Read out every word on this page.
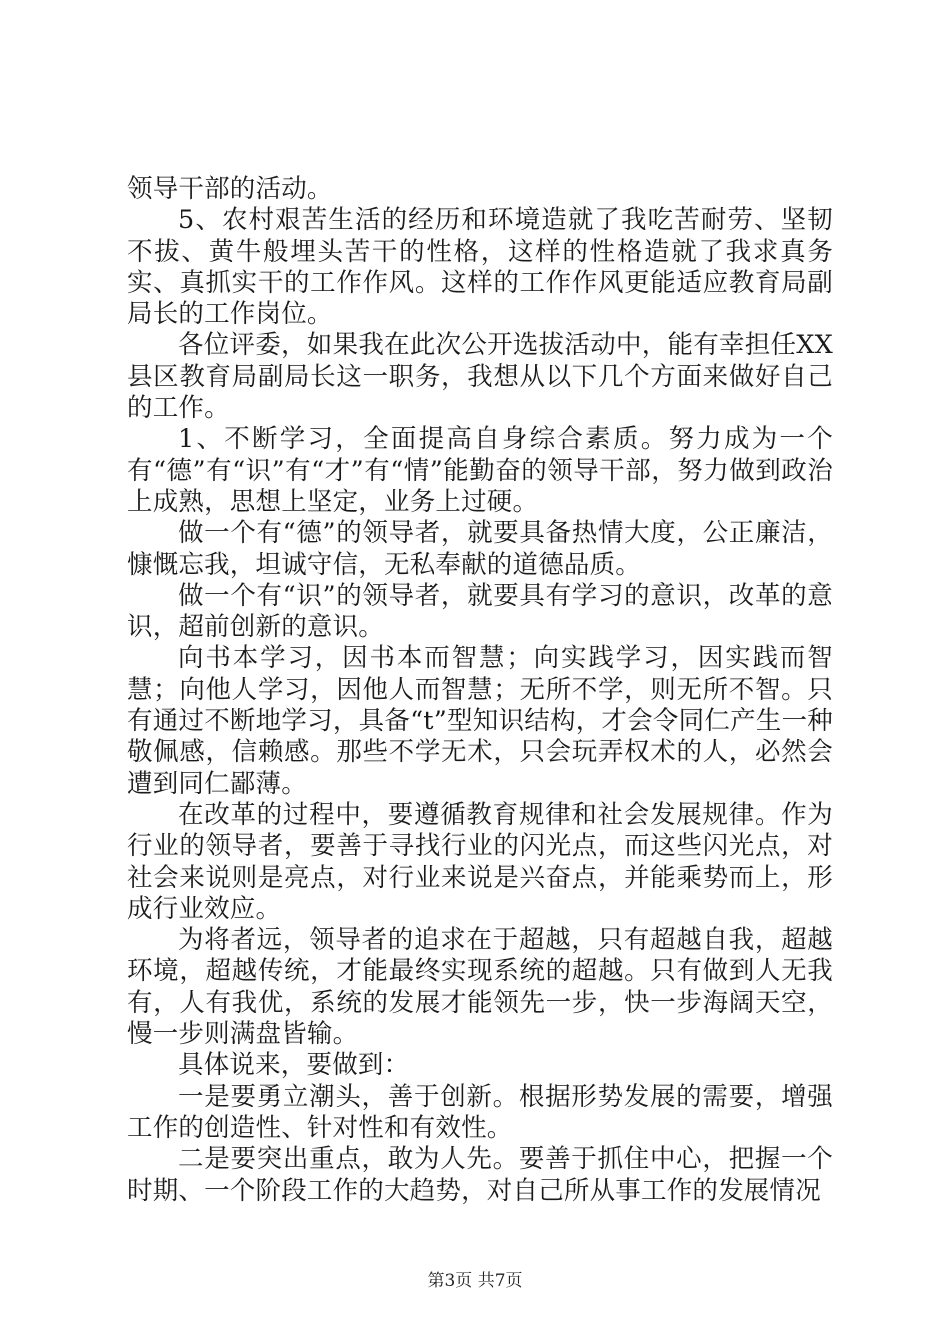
领导干部的活动。

5、农村艰苦生活的经历和环境造就了我吃苦耐劳、坚韧不拔、黄牛般埋头苦干的性格，这样的性格造就了我求真务实、真抓实干的工作作风。这样的工作作风更能适应教育局副局长的工作岗位。

各位评委，如果我在此次公开选拔活动中，能有幸担任XX县区教育局副局长这一职务，我想从以下几个方面来做好自己的工作。

1、不断学习，全面提高自身综合素质。努力成为一个有“德”有“识”有“才”有“情”能勤奋的领导干部，努力做到政治上成熟，思想上坚定，业务上过硬。

做一个有“德”的领导者，就要具备热情大度，公正廉洁，慷慨忘我，坦诚守信，无私奉献的道德品质。

做一个有“识”的领导者，就要具有学习的意识，改革的意识，超前创新的意识。

向书本学习，因书本而智慧；向实践学习，因实践而智慧；向他人学习，因他人而智慧；无所不学，则无所不智。只有通过不断地学习，具备“t”型知识结构，才会令同仁产生一种敬佩感，信赖感。那些不学无术，只会玩弄权术的人，必然会遭到同仁鄙薄。

在改革的过程中，要遵循教育规律和社会发展规律。作为行业的领导者，要善于寻找行业的闪光点，而这些闪光点，对社会来说则是亮点，对行业来说是兴奋点，并能乘势而上，形成行业效应。

为将者远，领导者的追求在于超越，只有超越自我，超越环境，超越传统，才能最终实现系统的超越。只有做到人无我有，人有我优，系统的发展才能领先一步，快一步海阔天空，慢一步则满盘皆输。

具体说来，要做到：

一是要勇立潮头，善于创新。根据形势发展的需要，增强工作的创造性、针对性和有效性。

二是要突出重点，敢为人先。要善于抓住中心，把握一个时期、一个阶段工作的大趋势，对自己所从事工作的发展情况

第3页 共7页
